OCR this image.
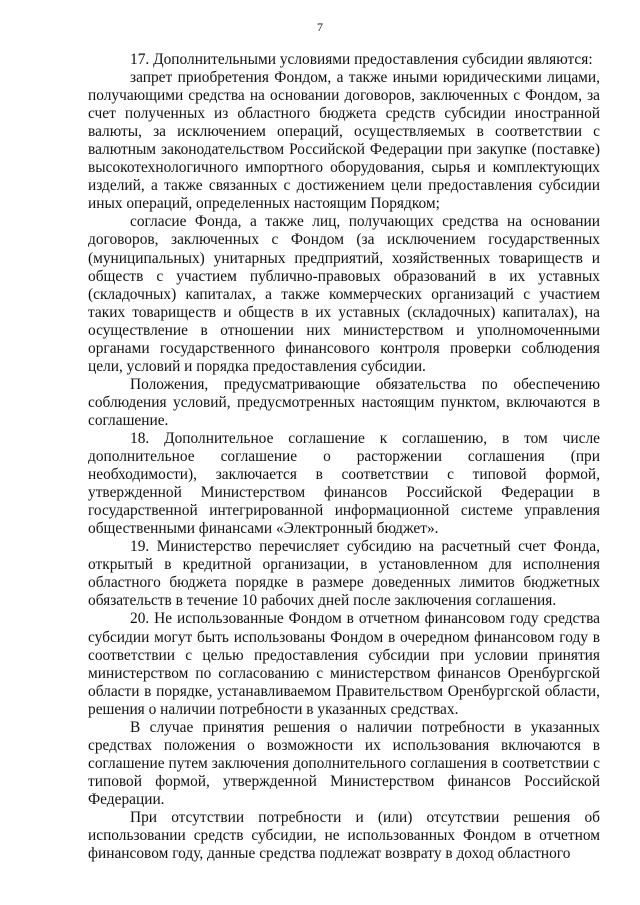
7

17. Дополнительными условиями предоставления субсидии являются:

запрет приобретения Фондом, а также иными юридическими лицами, получающими средства на основании договоров, заключенных с Фондом, за счет полученных из областного бюджета средств субсидии иностранной валюты, за исключением операций, осуществляемых в соответствии с валютным законодательством Российской Федерации при закупке (поставке) высокотехнологичного импортного оборудования, сырья и комплектующих изделий, а также связанных с достижением цели предоставления субсидии иных операций, определенных настоящим Порядком;

согласие Фонда, а также лиц, получающих средства на основании договоров, заключенных с Фондом (за исключением государственных (муниципальных) унитарных предприятий, хозяйственных товариществ и обществ с участием публично-правовых образований в их уставных (складочных) капиталах, а также коммерческих организаций с участием таких товариществ и обществ в их уставных (складочных) капиталах), на осуществление в отношении них министерством и уполномоченными органами государственного финансового контроля проверки соблюдения цели, условий и порядка предоставления субсидии.

Положения, предусматривающие обязательства по обеспечению соблюдения условий, предусмотренных настоящим пунктом, включаются в соглашение.

18. Дополнительное соглашение к соглашению, в том числе дополнительное соглашение о расторжении соглашения (при необходимости), заключается в соответствии с типовой формой, утвержденной Министерством финансов Российской Федерации в государственной интегрированной информационной системе управления общественными финансами «Электронный бюджет».

19. Министерство перечисляет субсидию на расчетный счет Фонда, открытый в кредитной организации, в установленном для исполнения областного бюджета порядке в размере доведенных лимитов бюджетных обязательств в течение 10 рабочих дней после заключения соглашения.

20. Не использованные Фондом в отчетном финансовом году средства субсидии могут быть использованы Фондом в очередном финансовом году в соответствии с целью предоставления субсидии при условии принятия министерством по согласованию с министерством финансов Оренбургской области в порядке, устанавливаемом Правительством Оренбургской области, решения о наличии потребности в указанных средствах.

В случае принятия решения о наличии потребности в указанных средствах положения о возможности их использования включаются в соглашение путем заключения дополнительного соглашения в соответствии с типовой формой, утвержденной Министерством финансов Российской Федерации.

При отсутствии потребности и (или) отсутствии решения об использовании средств субсидии, не использованных Фондом в отчетном финансовом году, данные средства подлежат возврату в доход областного
